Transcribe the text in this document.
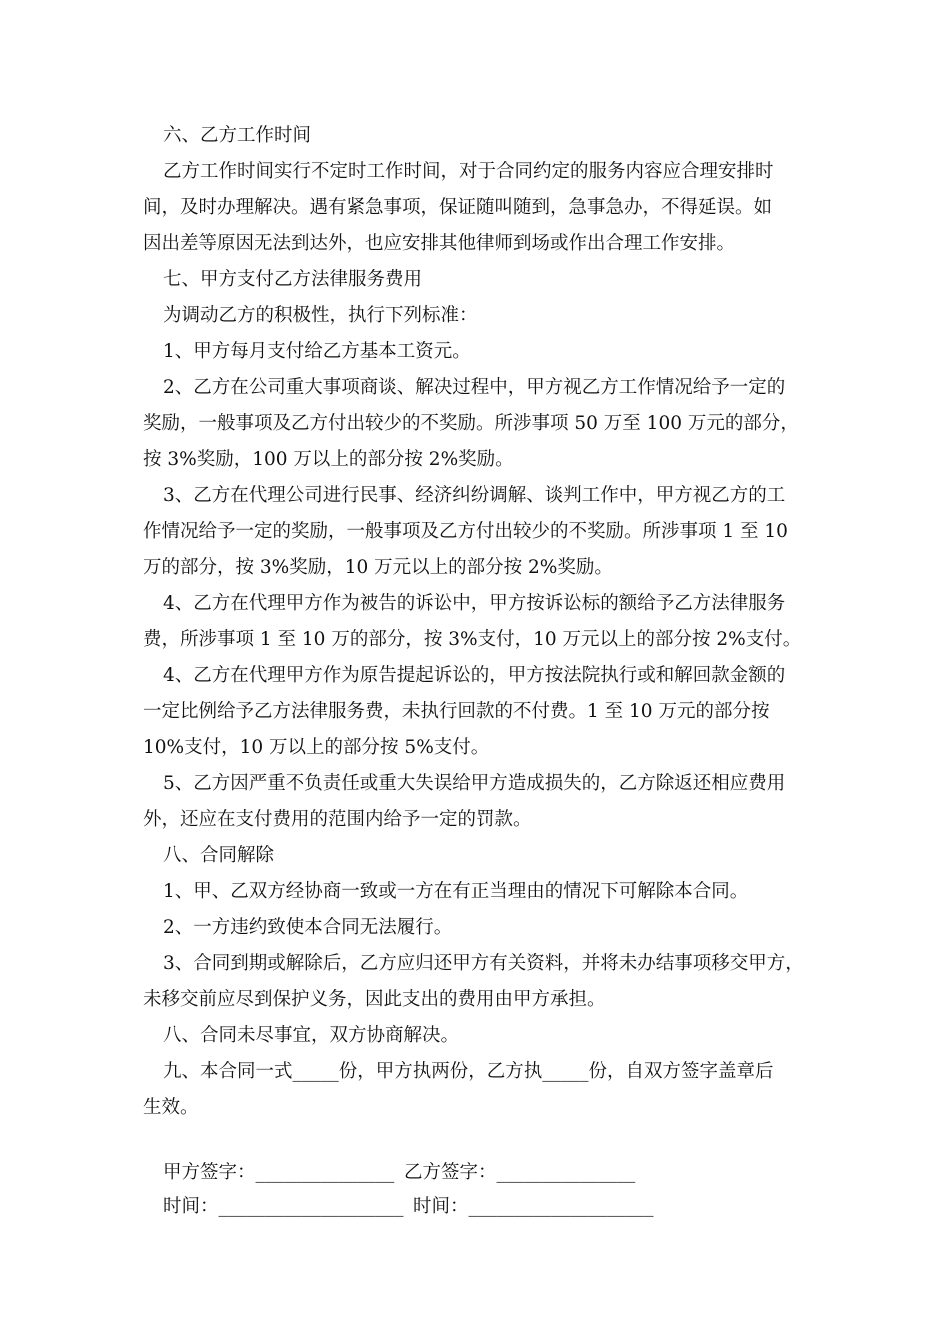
六、乙方工作时间
乙方工作时间实行不定时工作时间，对于合同约定的服务内容应合理安排时
间，及时办理解决。遇有紧急事项，保证随叫随到，急事急办，不得延误。如
因出差等原因无法到达外，也应安排其他律师到场或作出合理工作安排。
七、甲方支付乙方法律服务费用
为调动乙方的积极性，执行下列标准：
1、甲方每月支付给乙方基本工资元。
2、乙方在公司重大事项商谈、解决过程中，甲方视乙方工作情况给予一定的
奖励，一般事项及乙方付出较少的不奖励。所涉事项 50 万至 100 万元的部分，
按 3%奖励，100 万以上的部分按 2%奖励。
3、乙方在代理公司进行民事、经济纠纷调解、谈判工作中，甲方视乙方的工
作情况给予一定的奖励，一般事项及乙方付出较少的不奖励。所涉事项 1 至 10
万的部分，按 3%奖励，10 万元以上的部分按 2%奖励。
4、乙方在代理甲方作为被告的诉讼中，甲方按诉讼标的额给予乙方法律服务
费，所涉事项 1 至 10 万的部分，按 3%支付，10 万元以上的部分按 2%支付。
4、乙方在代理甲方作为原告提起诉讼的，甲方按法院执行或和解回款金额的
一定比例给予乙方法律服务费，未执行回款的不付费。1 至 10 万元的部分按
10%支付，10 万以上的部分按 5%支付。
5、乙方因严重不负责任或重大失误给甲方造成损失的，乙方除返还相应费用
外，还应在支付费用的范围内给予一定的罚款。
八、合同解除
1、甲、乙双方经协商一致或一方在有正当理由的情况下可解除本合同。
2、一方违约致使本合同无法履行。
3、合同到期或解除后，乙方应归还甲方有关资料，并将未办结事项移交甲方，
未移交前应尽到保护义务，因此支出的费用由甲方承担。
八、合同未尽事宜，双方协商解决。
九、本合同一式_____份，甲方执两份，乙方执_____份，自双方签字盖章后
生效。
甲方签字：_______________ 乙方签字：_______________
时间：____________________ 时间：____________________
